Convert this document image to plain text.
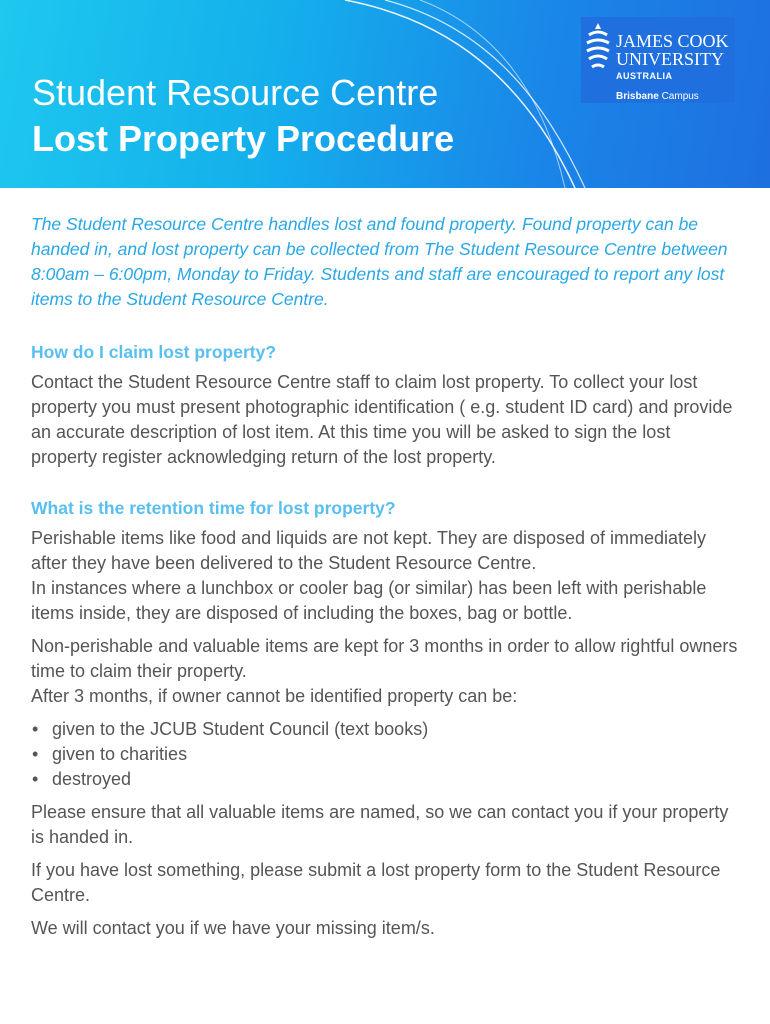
Student Resource Centre
Lost Property Procedure
JAMES COOK
UNIVERSITY
AUSTRALIA
Brisbane Campus

The Student Resource Centre handles lost and found property. Found property can be handed in, and lost property can be collected from The Student Resource Centre between 8:00am – 6:00pm, Monday to Friday. Students and staff are encouraged to report any lost items to the Student Resource Centre.

How do I claim lost property?

Contact the Student Resource Centre staff to claim lost property. To collect your lost property you must present photographic identification ( e.g. student ID card) and provide an accurate description of lost item. At this time you will be asked to sign the lost property register acknowledging return of the lost property.

What is the retention time for lost property?

Perishable items like food and liquids are not kept. They are disposed of immediately after they have been delivered to the Student Resource Centre.
In instances where a lunchbox or cooler bag (or similar) has been left with perishable items inside, they are disposed of including the boxes, bag or bottle.

Non-perishable and valuable items are kept for 3 months in order to allow rightful owners time to claim their property.
After 3 months, if owner cannot be identified property can be:

• given to the JCUB Student Council (text books)
• given to charities
• destroyed

Please ensure that all valuable items are named, so we can contact you if your property is handed in.

If you have lost something, please submit a lost property form to the Student Resource Centre.

We will contact you if we have your missing item/s.
